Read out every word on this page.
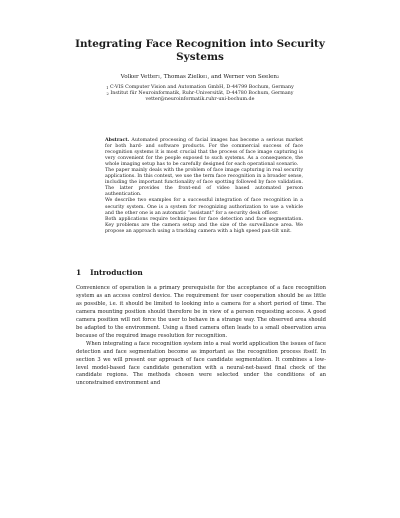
Integrating Face Recognition into Security Systems
Volker Vetter$^1$, Thomas Zielke$^1$, and Werner von Seelen$^2$
$^1$ C-VIS Computer Vision and Automation GmbH, D-44799 Bochum, Germany
$^2$ Institut für Neuroinformatik, Ruhr-Universität, D-44780 Bochum, Germany
vetter@neuroinformatik.ruhr-uni-bochum.de

Abstract. Automated processing of facial images has become a serious market for both hard- and software products. For the commercial success of face recognition systems it is most crucial that the process of face image capturing is very convenient for the people exposed to such systems. As a consequence, the whole imaging setup has to be carefully designed for each operational scenario.

The paper mainly deals with the problem of face image capturing in real security applications. In this context, we use the term face recognition in a broader sense, including the important functionality of face spotting followed by face validation. The latter provides the front-end of video based automated person authentication.

We describe two examples for a successful integration of face recognition in a security system. One is a system for recognizing authorization to use a vehicle and the other one is an automatic “assistant” for a security desk officer.

Both applications require techniques for face detection and face segmentation. Key problems are the camera setup and the size of the surveillance area. We propose an approach using a tracking camera with a high speed pan-tilt unit.

1 Introduction

Convenience of operation is a primary prerequisite for the acceptance of a face recognition system as an access control device. The requirement for user cooperation should be as little as possible, i.e. it should be limited to looking into a camera for a short period of time. The camera mounting position should therefore be in view of a person requesting access. A good camera position will not force the user to behave in a strange way. The observed area should be adapted to the environment. Using a fixed camera often leads to a small observation area because of the required image resolution for recognition.

When integrating a face recognition system into a real world application the issues of face detection and face segmentation become as important as the recognition process itself. In section 3 we will present our approach of face candidate segmentation. It combines a low-level model-based face candidate generation with a neural-net-based final check of the candidate regions. The methods chosen were selected under the conditions of an unconstrained environment and
